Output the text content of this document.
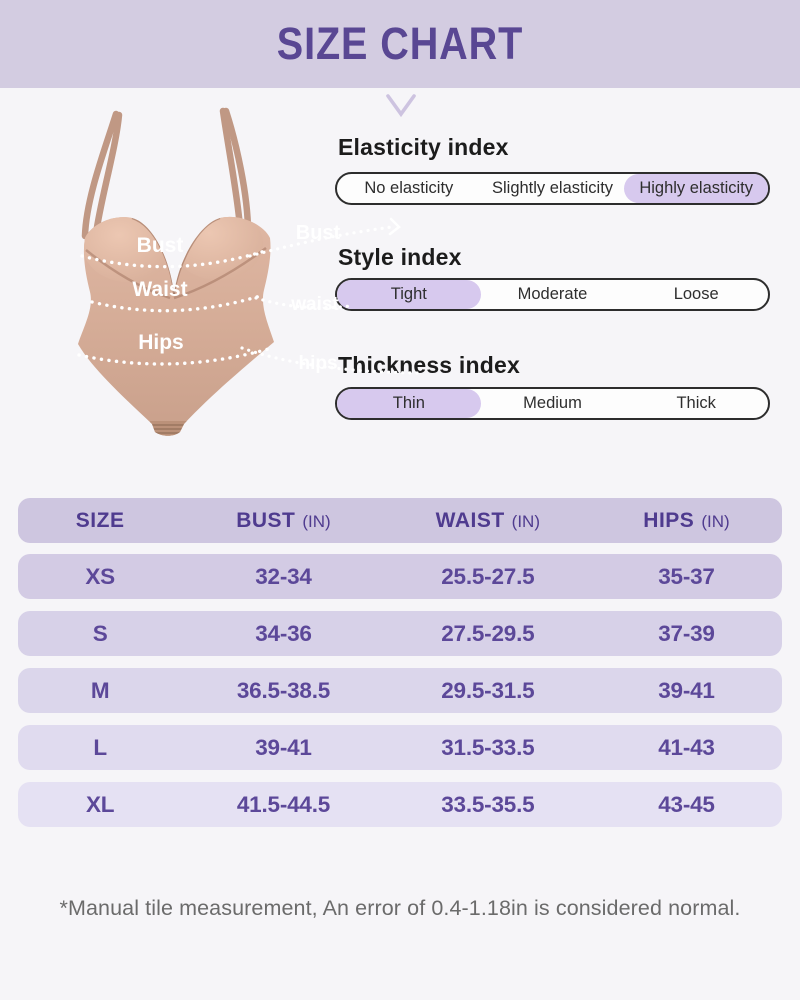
SIZE CHART
Bust
Waist
Hips
Elasticity index
No elasticity	Slightly elasticity	Highly elasticity
Style index
Tight	Moderate	Loose
Thickness index
Thin	Medium	Thick
Bust
waist
hips
SIZE	BUST (IN)	WAIST (IN)	HIPS (IN)
XS	32-34	25.5-27.5	35-37
S	34-36	27.5-29.5	37-39
M	36.5-38.5	29.5-31.5	39-41
L	39-41	31.5-33.5	41-43
XL	41.5-44.5	33.5-35.5	43-45
*Manual tile measurement, An error of 0.4-1.18in is considered normal.
